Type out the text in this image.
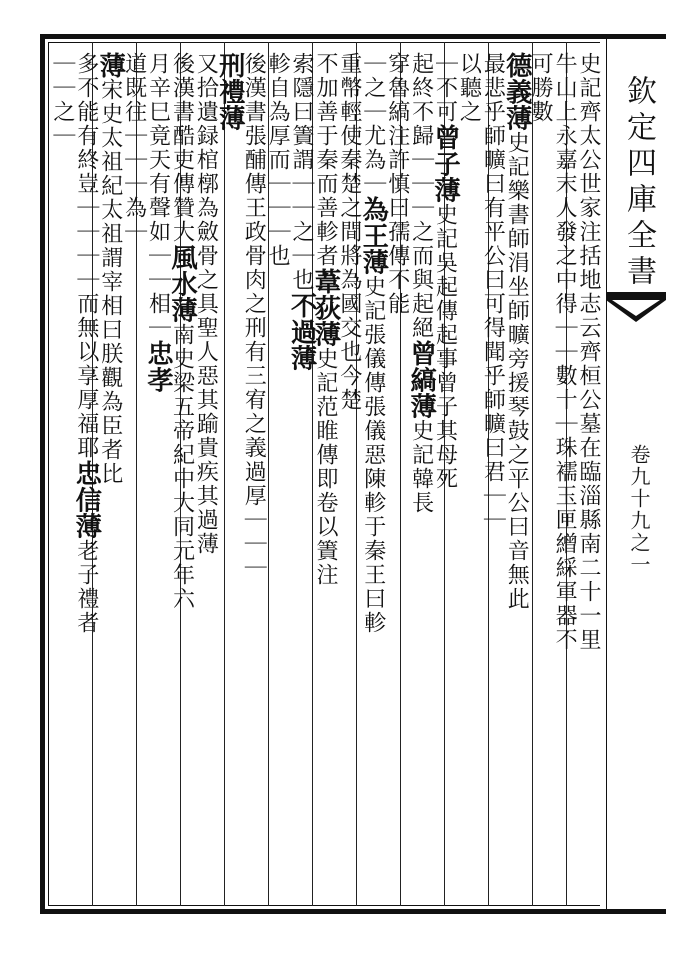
史記齊太公世家注括地志云齊桓公墓在臨淄縣南二十一里
牛山上永嘉末人發之中得｜｜數十｜珠襦玉匣繒綵軍器不
可勝數
德義薄史記樂書師涓坐師曠旁援琴鼓之平公曰音無此
最悲乎師曠曰有平公曰可得聞乎師曠曰君｜｜
以聽之
｜不可曾子薄史記吳起傳起事曾子其母死
起終不歸｜｜｜之而與起絕曾縞薄史記韓長
穿魯縞注許慎曰孺傳不能
｜之｜尤為｜為王薄史記張儀傳張儀惡陳軫于秦王曰軫
重幣輕使秦楚之間將為國交也今楚
不加善于秦而善軫者葦荻薄史記范睢傳即卷以簀注
索隱曰簀謂｜｜之｜也不過薄
軫自為厚而｜｜｜也
後漢書張酺傳王政骨肉之刑有三宥之義過厚｜｜｜
刑禮薄
又拾遺録棺槨為斂骨之具聖人惡其踰貴疾其過薄
後漢書酷吏傳贊大風水薄南史梁五帝紀中大同元年六
月辛巳竟天有聲如｜｜相｜忠孝
道既往｜｜｜為｜
薄宋史太祖紀太祖謂宰相曰朕觀為臣者比
多不能有終豈｜｜｜｜而無以享厚福耶忠信薄老子禮者
｜｜之｜	欽定四庫全書
卷九十九之一
